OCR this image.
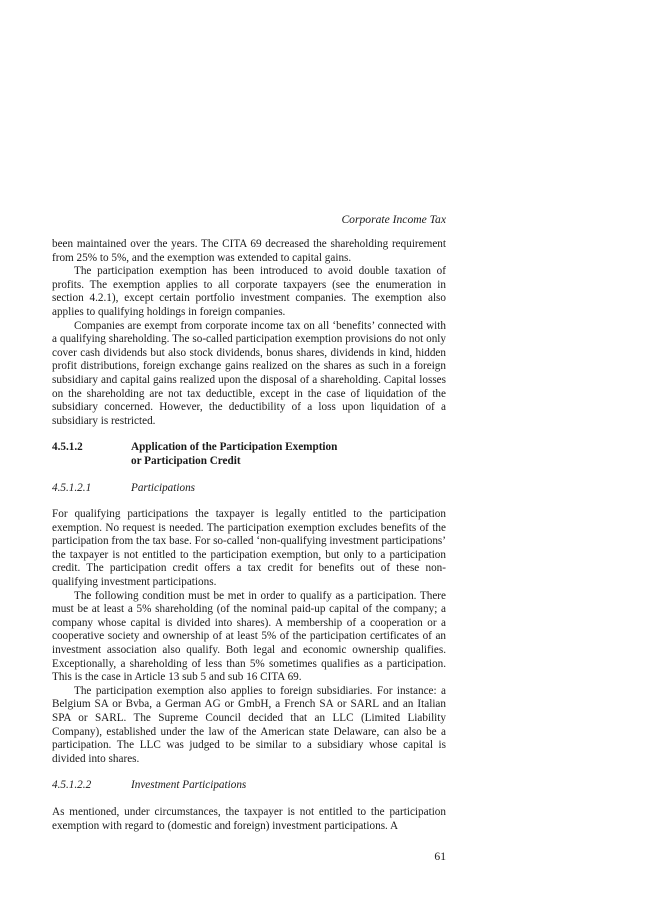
Corporate Income Tax

been maintained over the years. The CITA 69 decreased the shareholding requirement from 25% to 5%, and the exemption was extended to capital gains.

The participation exemption has been introduced to avoid double taxation of profits. The exemption applies to all corporate taxpayers (see the enumeration in section 4.2.1), except certain portfolio investment companies. The exemption also applies to qualifying holdings in foreign companies.

Companies are exempt from corporate income tax on all ‘benefits’ connected with a qualifying shareholding. The so-called participation exemption provisions do not only cover cash dividends but also stock dividends, bonus shares, dividends in kind, hidden profit distributions, foreign exchange gains realized on the shares as such in a foreign subsidiary and capital gains realized upon the disposal of a shareholding. Capital losses on the shareholding are not tax deductible, except in the case of liquidation of the subsidiary concerned. However, the deductibility of a loss upon liquidation of a subsidiary is restricted.

4.5.1.2	Application of the Participation Exemption
or Participation Credit
4.5.1.2.1	Participations

For qualifying participations the taxpayer is legally entitled to the participation exemption. No request is needed. The participation exemption excludes benefits of the participation from the tax base. For so-called ‘non-qualifying investment participations’ the taxpayer is not entitled to the participation exemption, but only to a participation credit. The participation credit offers a tax credit for benefits out of these non-qualifying investment participations.

The following condition must be met in order to qualify as a participation. There must be at least a 5% shareholding (of the nominal paid-up capital of the company; a company whose capital is divided into shares). A membership of a cooperation or a cooperative society and ownership of at least 5% of the participation certificates of an investment association also qualify. Both legal and economic ownership qualifies. Exceptionally, a shareholding of less than 5% sometimes qualifies as a participation. This is the case in Article 13 sub 5 and sub 16 CITA 69.

The participation exemption also applies to foreign subsidiaries. For instance: a Belgium SA or Bvba, a German AG or GmbH, a French SA or SARL and an Italian SPA or SARL. The Supreme Council decided that an LLC (Limited Liability Company), established under the law of the American state Delaware, can also be a participation. The LLC was judged to be similar to a subsidiary whose capital is divided into shares.

4.5.1.2.2	Investment Participations

As mentioned, under circumstances, the taxpayer is not entitled to the participation exemption with regard to (domestic and foreign) investment participations. A

61
